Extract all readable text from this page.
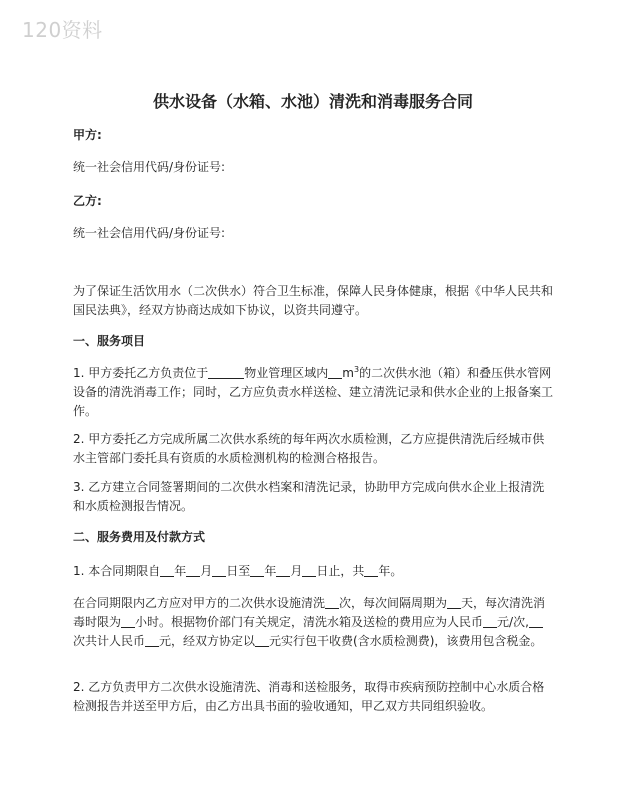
120资料
供水设备（水箱、水池）清洗和消毒服务合同

甲方:

统一社会信用代码/身份证号:

乙方:

统一社会信用代码/身份证号:

为了保证生活饮用水（二次供水）符合卫生标准，保障人民身体健康，根据《中华人民共和国民法典》，经双方协商达成如下协议，以资共同遵守。

一、服务项目

1. 甲方委托乙方负责位于	物业管理区域内 $m^3$的二次供水池（箱）和叠压供水管网设备的清洗消毒工作；同时，乙方应负责水样送检、建立清洗记录和供水企业的上报备案工作。

2. 甲方委托乙方完成所属二次供水系统的每年两次水质检测，乙方应提供清洗后经城市供水主管部门委托具有资质的水质检测机构的检测合格报告。

3. 乙方建立合同签署期间的二次供水档案和清洗记录，协助甲方完成向供水企业上报清洗和水质检测报告情况。

二、服务费用及付款方式

1. 本合同期限自 年 月 日至 年 月 日止，共 年。

在合同期限内乙方应对甲方的二次供水设施清洗 次，每次间隔周期为 天，每次清洗消毒时限为 小时。根据物价部门有关规定，清洗水箱及送检的费用应为人民币 元/次,次共计人民币 元，经双方协定以 元实行包干收费(含水质检测费)，该费用包含税金。

2. 乙方负责甲方二次供水设施清洗、消毒和送检服务，取得市疾病预防控制中心水质合格检测报告并送至甲方后，由乙方出具书面的验收通知，甲乙双方共同组织验收。
